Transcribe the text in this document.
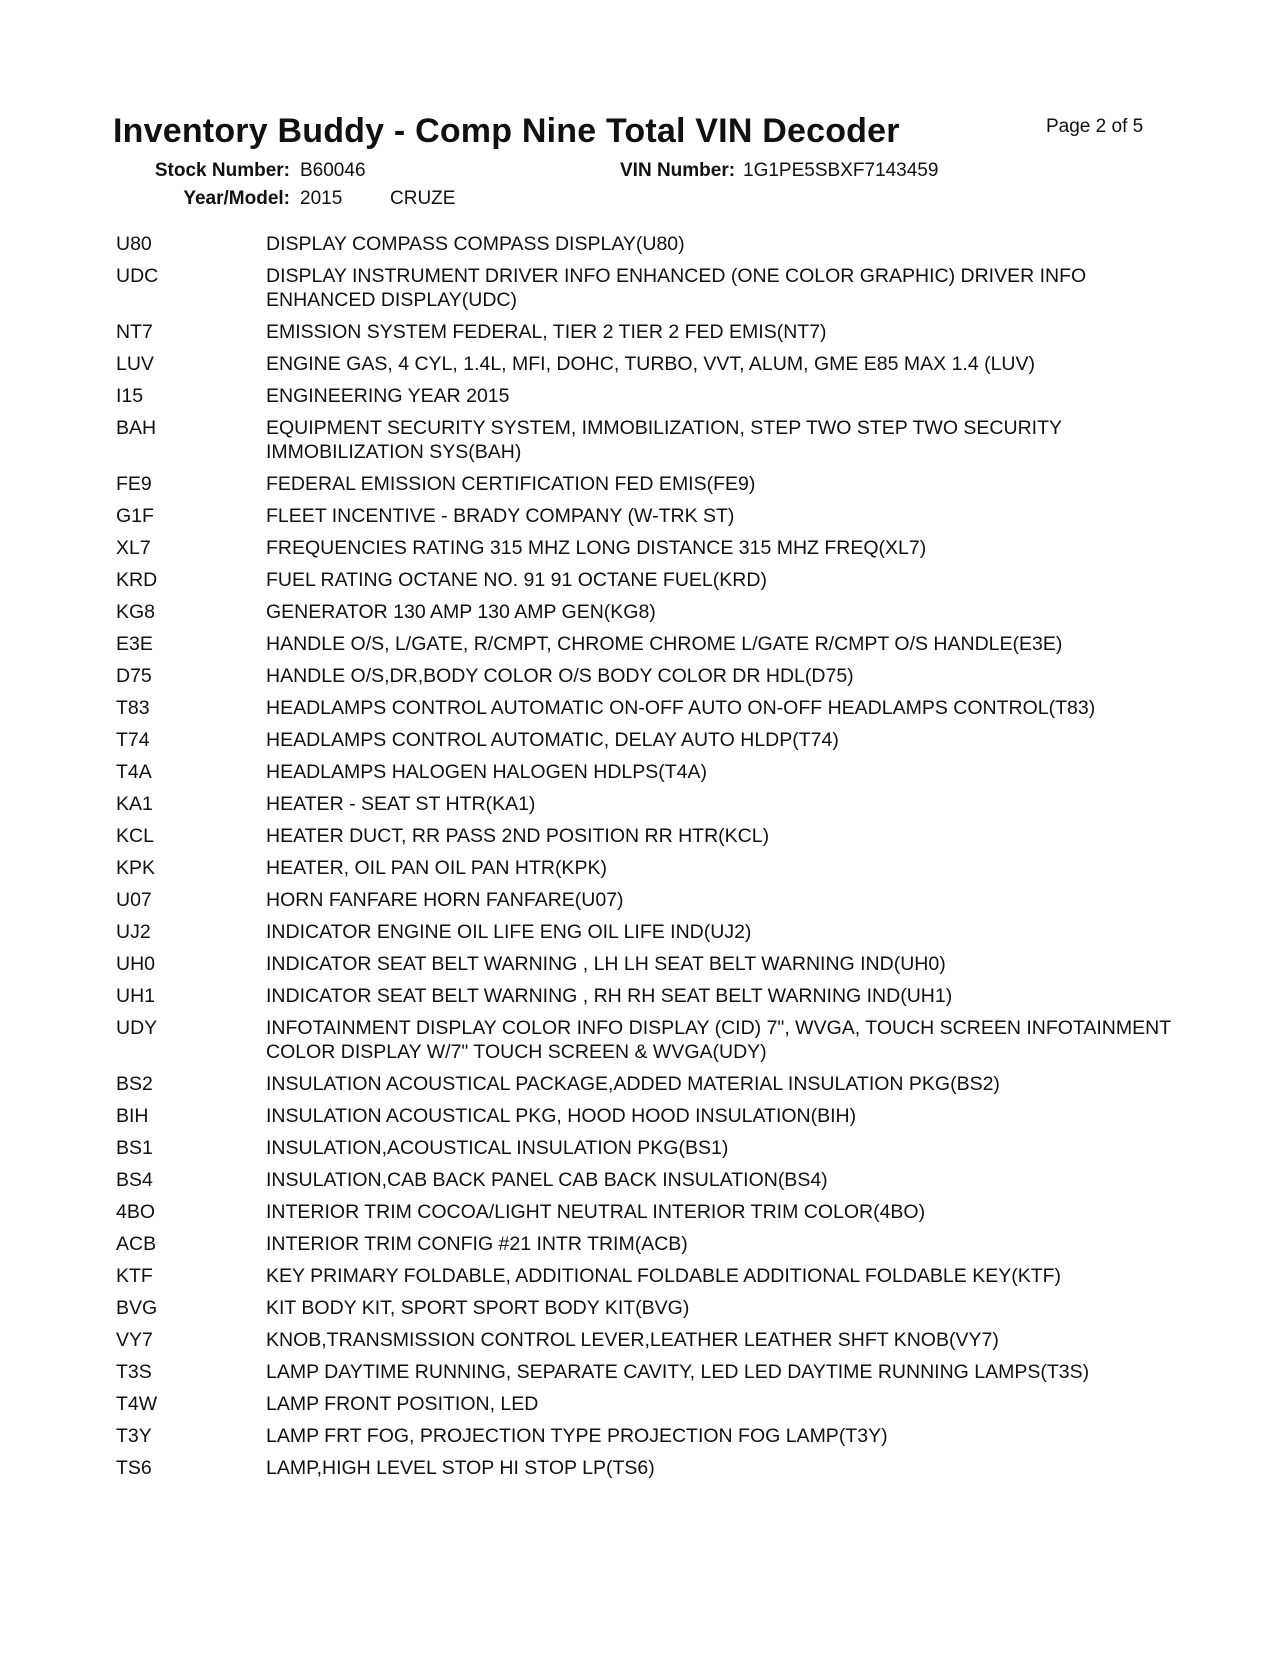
Inventory Buddy - Comp Nine Total VIN Decoder	Page 2 of 5
Stock Number: B60046	VIN Number: 1G1PE5SBXF7143459
Year/Model: 2015	CRUZE
U80	DISPLAY COMPASS COMPASS DISPLAY(U80)
UDC	DISPLAY INSTRUMENT DRIVER INFO ENHANCED (ONE COLOR GRAPHIC) DRIVER INFO ENHANCED DISPLAY(UDC)
NT7	EMISSION SYSTEM FEDERAL, TIER 2 TIER 2 FED EMIS(NT7)
LUV	ENGINE GAS, 4 CYL, 1.4L, MFI, DOHC, TURBO, VVT, ALUM, GME E85 MAX 1.4 (LUV)
I15	ENGINEERING YEAR 2015
BAH	EQUIPMENT SECURITY SYSTEM, IMMOBILIZATION, STEP TWO STEP TWO SECURITY IMMOBILIZATION SYS(BAH)
FE9	FEDERAL EMISSION CERTIFICATION FED EMIS(FE9)
G1F	FLEET INCENTIVE - BRADY COMPANY (W-TRK ST)
XL7	FREQUENCIES RATING 315 MHZ LONG DISTANCE 315 MHZ FREQ(XL7)
KRD	FUEL RATING OCTANE NO. 91 91 OCTANE FUEL(KRD)
KG8	GENERATOR 130 AMP 130 AMP GEN(KG8)
E3E	HANDLE O/S, L/GATE, R/CMPT, CHROME CHROME L/GATE R/CMPT O/S HANDLE(E3E)
D75	HANDLE O/S,DR,BODY COLOR O/S BODY COLOR DR HDL(D75)
T83	HEADLAMPS CONTROL AUTOMATIC ON-OFF AUTO ON-OFF HEADLAMPS CONTROL(T83)
T74	HEADLAMPS CONTROL AUTOMATIC, DELAY AUTO HLDP(T74)
T4A	HEADLAMPS HALOGEN HALOGEN HDLPS(T4A)
KA1	HEATER - SEAT ST HTR(KA1)
KCL	HEATER DUCT, RR PASS 2ND POSITION RR HTR(KCL)
KPK	HEATER, OIL PAN OIL PAN HTR(KPK)
U07	HORN FANFARE HORN FANFARE(U07)
UJ2	INDICATOR ENGINE OIL LIFE ENG OIL LIFE IND(UJ2)
UH0	INDICATOR SEAT BELT WARNING , LH LH SEAT BELT WARNING IND(UH0)
UH1	INDICATOR SEAT BELT WARNING , RH RH SEAT BELT WARNING IND(UH1)
UDY	INFOTAINMENT DISPLAY COLOR INFO DISPLAY (CID) 7", WVGA, TOUCH SCREEN INFOTAINMENT COLOR DISPLAY W/7" TOUCH SCREEN & WVGA(UDY)
BS2	INSULATION ACOUSTICAL PACKAGE,ADDED MATERIAL INSULATION PKG(BS2)
BIH	INSULATION ACOUSTICAL PKG, HOOD HOOD INSULATION(BIH)
BS1	INSULATION,ACOUSTICAL INSULATION PKG(BS1)
BS4	INSULATION,CAB BACK PANEL CAB BACK INSULATION(BS4)
4BO	INTERIOR TRIM COCOA/LIGHT NEUTRAL INTERIOR TRIM COLOR(4BO)
ACB	INTERIOR TRIM CONFIG #21 INTR TRIM(ACB)
KTF	KEY PRIMARY FOLDABLE, ADDITIONAL FOLDABLE ADDITIONAL FOLDABLE KEY(KTF)
BVG	KIT BODY KIT, SPORT SPORT BODY KIT(BVG)
VY7	KNOB,TRANSMISSION CONTROL LEVER,LEATHER LEATHER SHFT KNOB(VY7)
T3S	LAMP DAYTIME RUNNING, SEPARATE CAVITY, LED LED DAYTIME RUNNING LAMPS(T3S)
T4W	LAMP FRONT POSITION, LED
T3Y	LAMP FRT FOG, PROJECTION TYPE PROJECTION FOG LAMP(T3Y)
TS6	LAMP,HIGH LEVEL STOP HI STOP LP(TS6)
